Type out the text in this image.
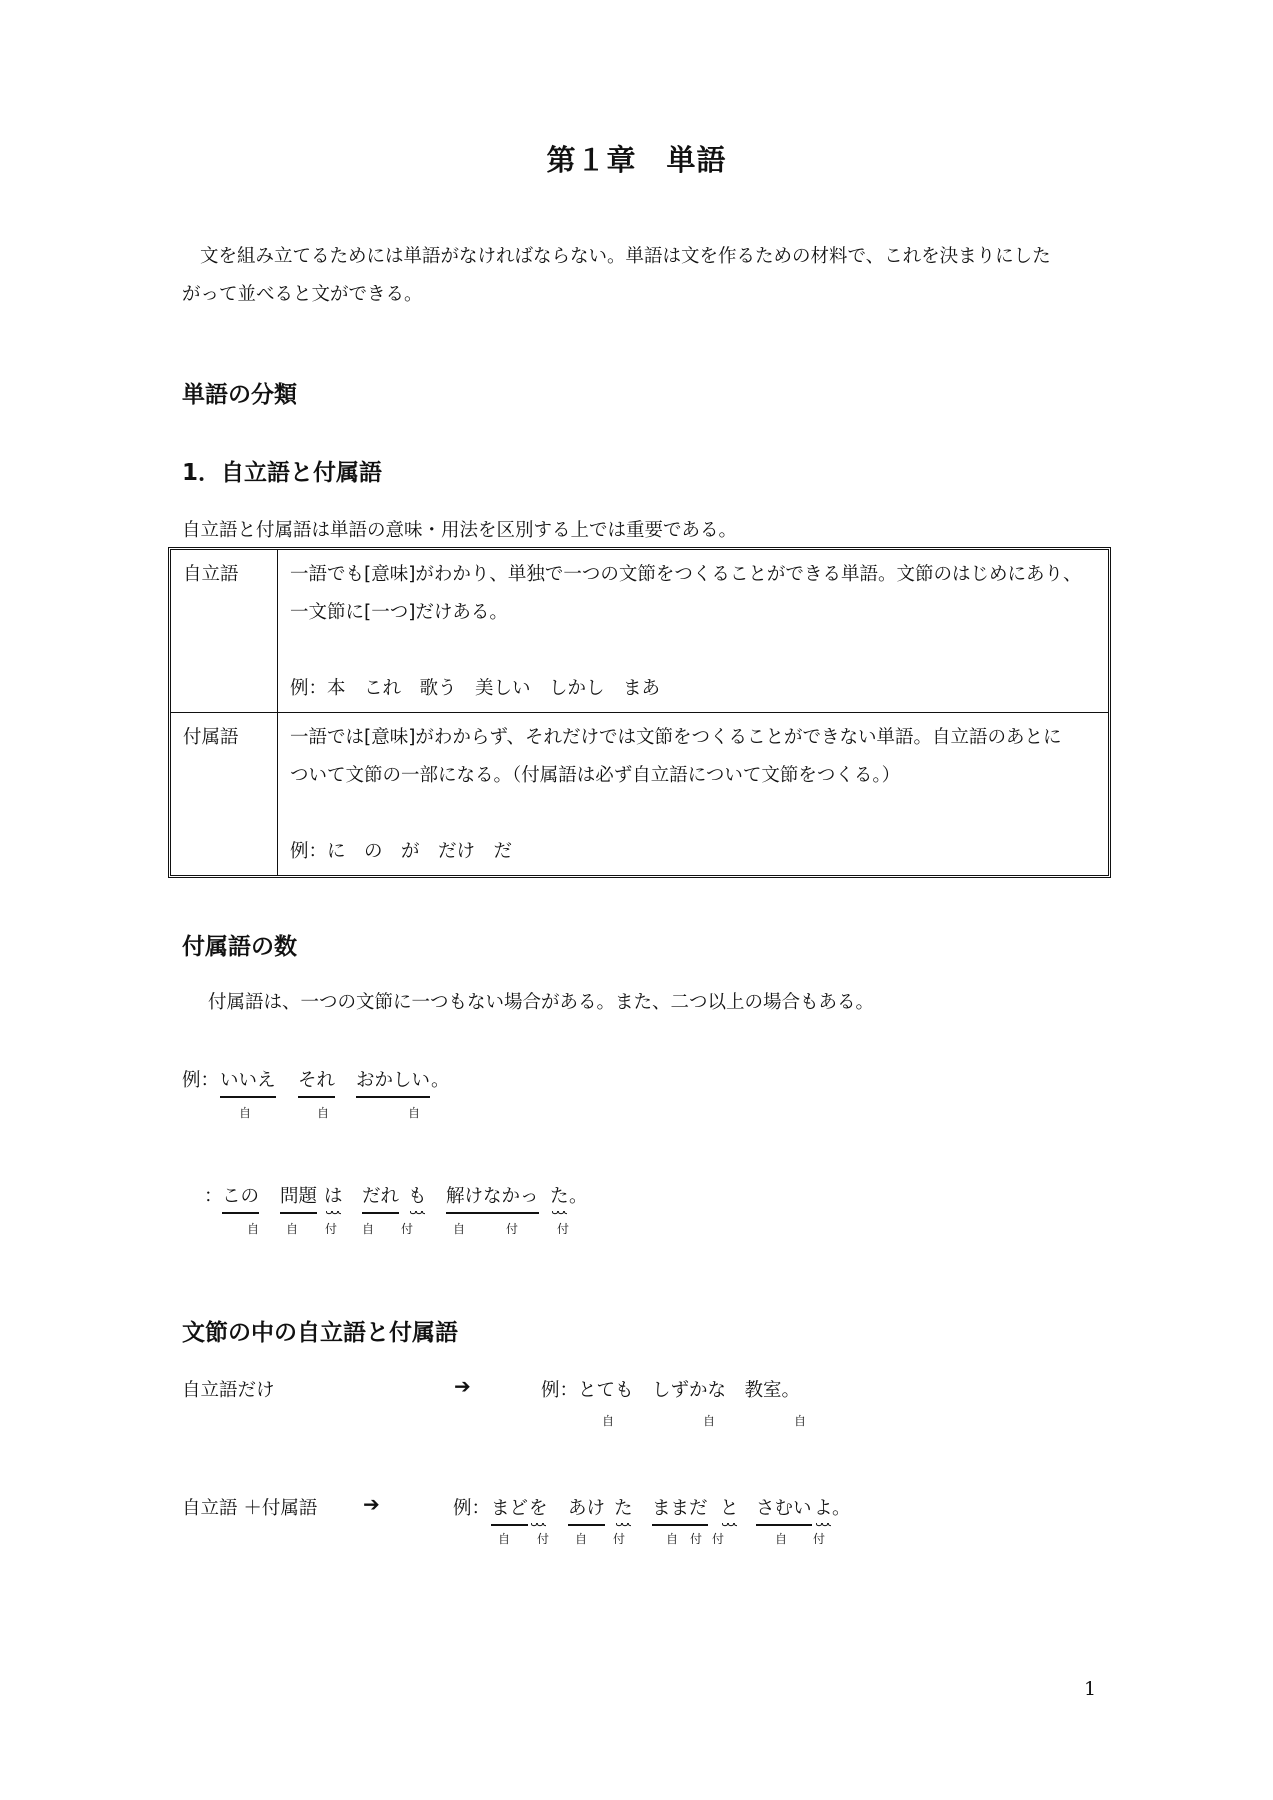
第１章　単語
文を組み立てるためには単語がなければならない。単語は文を作るための材料で、これを決まりにした
がって並べると文ができる。
単語の分類
1．自立語と付属語
自立語と付属語は単語の意味・用法を区別する上では重要である。
自立語	一語でも[意味]がわかり、単独で一つの文節をつくることができる単語。文節のはじめにあり、
一文節に[一つ]だけある。
例：本　これ　歌う　美しい　しかし　まあ

付属語	一語では[意味]がわからず、それだけでは文節をつくることができない単語。自立語のあとに
ついて文節の一部になる。（付属語は必ず自立語について文節をつくる。）
例：に　の　が　だけ　だ
付属語の数
付属語は、一つの文節に一つもない場合がある。また、二つ以上の場合もある。
例： いいえ それ おかしい 。
自	自	自
： この 問題 は だれ も 解けなかっ た 。
自	自	付	自	付	自	付	付
文節の中の自立語と付属語
自立語だけ	➔	例：とても　しずかな　教室。
自	自	自
自立語 ＋付属語 ➔	例： まど を あけ た ままだ と さむい よ 。
自	付	自	付	自 付 付	自	付
1
